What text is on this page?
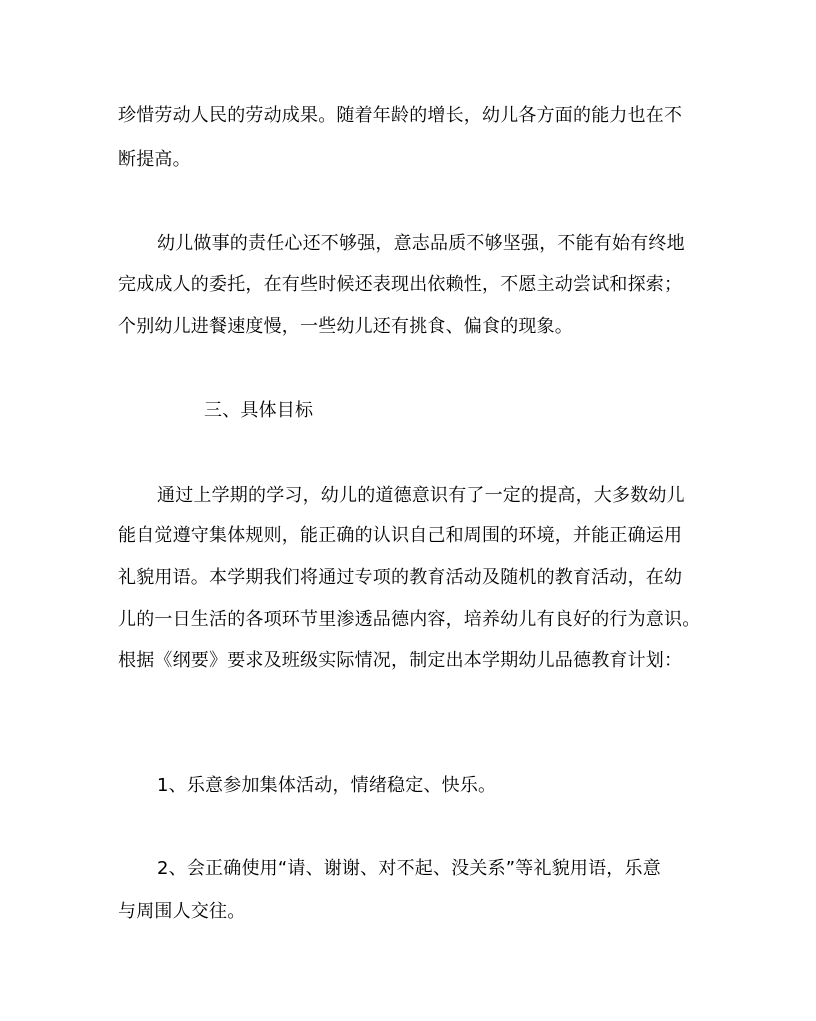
珍惜劳动人民的劳动成果。随着年龄的增长，幼儿各方面的能力也在不
断提高。
幼儿做事的责任心还不够强，意志品质不够坚强，不能有始有终地
完成成人的委托，在有些时候还表现出依赖性，不愿主动尝试和探索；
个别幼儿进餐速度慢，一些幼儿还有挑食、偏食的现象。
三、具体目标
通过上学期的学习，幼儿的道德意识有了一定的提高，大多数幼儿
能自觉遵守集体规则，能正确的认识自己和周围的环境，并能正确运用
礼貌用语。本学期我们将通过专项的教育活动及随机的教育活动，在幼
儿的一日生活的各项环节里渗透品德内容，培养幼儿有良好的行为意识。
根据《纲要》要求及班级实际情况，制定出本学期幼儿品德教育计划：
1、乐意参加集体活动，情绪稳定、快乐。
2、会正确使用“请、谢谢、对不起、没关系”等礼貌用语，乐意
与周围人交往。
